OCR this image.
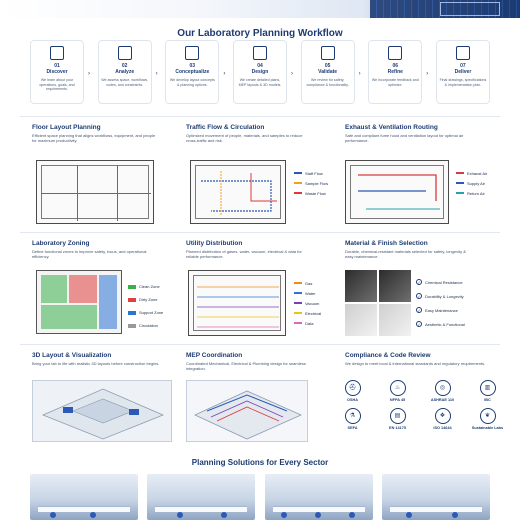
Our Laboratory Planning Workflow
01
Discover
We learn about your operations, goals, and requirements.
›
02
Analyze
We assess space, workflows, codes, and constraints.
›
03
Conceptualize
We develop layout concepts & planning options.
›
04
Design
We create detailed plans, MEP layouts & 3D models.
›
05
Validate
We review for safety, compliance & functionality.
›
06
Refine
We incorporate feedback and optimize.
›
07
Deliver
Final drawings, specifications & implementation plan.
Floor Layout Planning
Efficient space planning that aligns workflows, equipment, and people for maximum productivity.
Traffic Flow & Circulation
Optimized movement of people, materials, and samples to reduce cross-traffic and risk.
Staff Flow
Sample Flow
Waste Flow
Exhaust & Ventilation Routing
Safe and compliant fume hood and ventilation layout for optimal air performance.
Exhaust Air
Supply Air
Return Air
Laboratory Zoning
Define functional zones to improve safety, focus, and operational efficiency.
Clean Zone
Dirty Zone
Support Zone
Circulation
Utility Distribution
Planned distribution of gases, water, vacuum, electrical & data for reliable performance.
Gas
Water
Vacuum
Electrical
Data
Material & Finish Selection
Durable, chemical-resistant materials selected for safety, longevity & easy maintenance.
✓	Chemical Resistance
✓	Durability & Longevity
✓	Easy Maintenance
✓	Aesthetic & Functional
3D Layout & Visualization
Bring your lab to life with realistic 3D layouts before construction begins.
MEP Coordination
Coordinated Mechanical, Electrical & Plumbing design for seamless integration.
Compliance & Code Review
We design to meet local & international standards and regulatory requirements.
⛑
OSHA
♨
NFPA 45
◎
ASHRAE 110
▥
IBC
⚗
SEFA
▤
EN 14175
❖
ISO 14644
❦
Sustainable Labs
Planning Solutions for Every Sector
